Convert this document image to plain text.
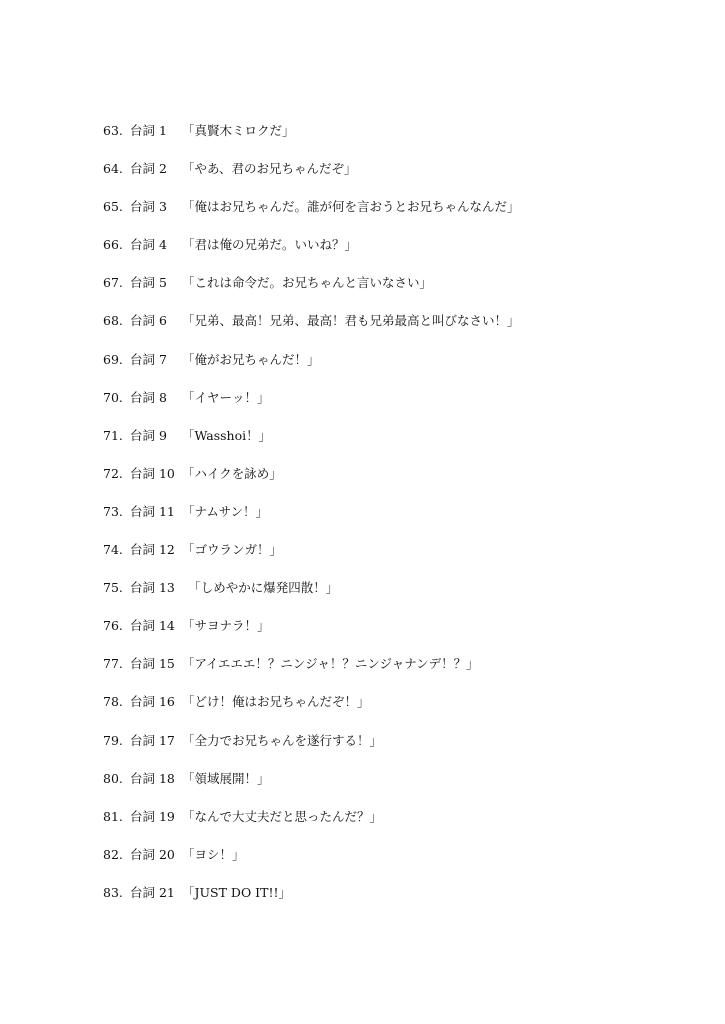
63. 台詞 1	「真賢木ミロクだ」
64. 台詞 2	「やあ、君のお兄ちゃんだぞ」
65. 台詞 3	「俺はお兄ちゃんだ。誰が何を言おうとお兄ちゃんなんだ」
66. 台詞 4	「君は俺の兄弟だ。いいね？」
67. 台詞 5	「これは命令だ。お兄ちゃんと言いなさい」
68. 台詞 6	「兄弟、最高！兄弟、最高！君も兄弟最高と叫びなさい！」
69. 台詞 7	「俺がお兄ちゃんだ！」
70. 台詞 8	「イヤーッ！」
71. 台詞 9	「Wasshoi！」
72. 台詞 10 「ハイクを詠め」
73. 台詞 11 「ナムサン！」
74. 台詞 12 「ゴウランガ！」
75. 台詞 13 　「しめやかに爆発四散！」
76. 台詞 14 「サヨナラ！」
77. 台詞 15 「アイエエエ！？ニンジャ！？ニンジャナンデ！？」
78. 台詞 16 「どけ！俺はお兄ちゃんだぞ！」
79. 台詞 17 「全力でお兄ちゃんを遂行する！」
80. 台詞 18 「領域展開！」
81. 台詞 19 「なんで大丈夫だと思ったんだ？」
82. 台詞 20 「ヨシ！」
83. 台詞 21 「JUST DO IT!!」
